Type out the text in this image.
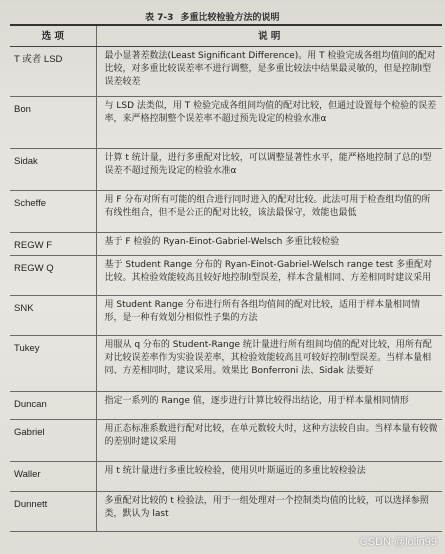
表 7-3 多重比较检验方法的说明
选 项	说 明
T 或者 LSD	最小显著差数法(Least Significant Difference)。用 T 检验完成各组均值间的配对比较，对多重比较误差率不进行调整，是多重比较法中结果最灵敏的，但是控制Ⅰ型误差较差
Bon	与 LSD 法类似，用 T 检验完成各组间均值的配对比较，但通过设置每个检验的误差率，来严格控制整个误差率不超过预先设定的检验水准α
Sidak	计算 t 统计量，进行多重配对比较，可以调整显著性水平，能严格地控制了总的Ⅰ型误差不超过预先设定的检验水准α
Scheffe	用 F 分布对所有可能的组合进行同时进入的配对比较。此法可用于检查组均值的所有线性组合，但不是公正的配对比较，该法最保守，效能也最低
REGW F	基于 F 检验的 Ryan-Einot-Gabriel-Welsch 多重比较检验
REGW Q	基于 Student Range 分布的 Ryan-Einot-Gabriel-Welsch range test 多重配对比较。其检验效能较高且较好地控制Ⅰ型误差，样本含量相同、方差相同时建议采用
SNK	用 Student Range 分布进行所有各组均值间的配对比较，适用于样本量相同情形，是一种有效划分相似性子集的方法
Tukey	用服从 q 分布的 Student-Range 统计量进行所有组间均值的配对比较，用所有配对比较误差率作为实验误差率，其检验效能较高且可较好控制Ⅰ型误差。当样本量相同、方差相同时，建议采用。效果比 Bonferroni 法、Sidak 法要好
Duncan	指定一系列的 Range 值，逐步进行计算比较得出结论，用于样本量相同情形
Gabriel	用正态标准系数进行配对比较，在单元数较大时，这种方法较自由。当样本量有较微的差别时建议采用
Waller	用 t 统计量进行多重比较检验，使用贝叶斯逼近的多重比较检验法
Dunnett	多重配对比较的 t 检验法，用于一组处理对一个控制类均值的比较，可以选择参照类，默认为 last
CSDN @lolin99
